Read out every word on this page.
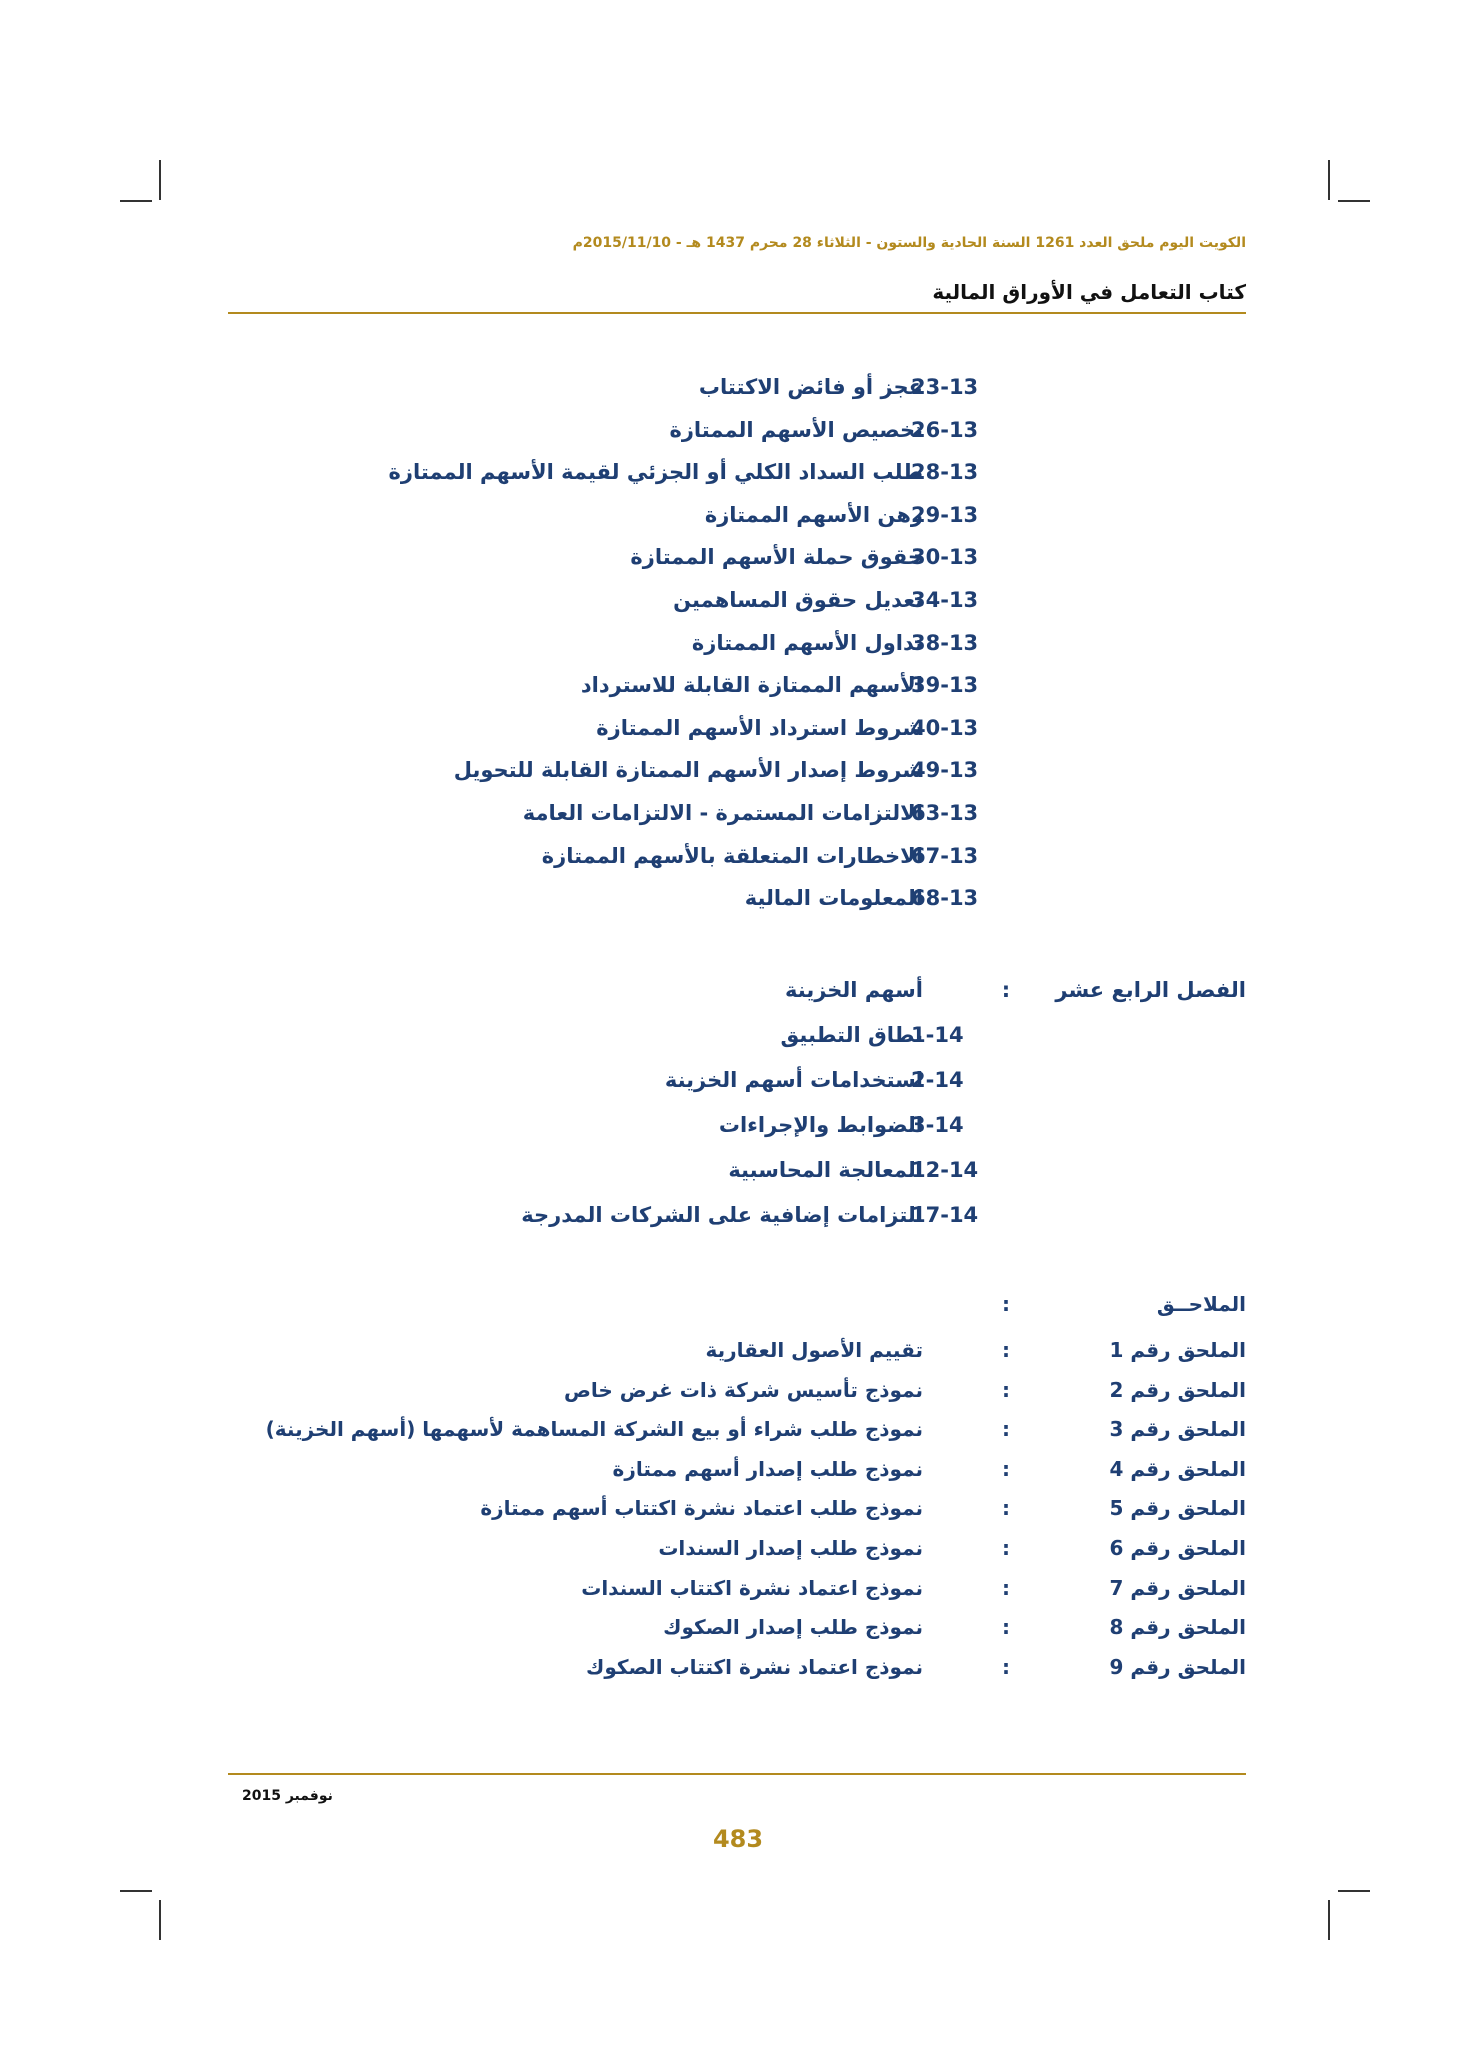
الكويت اليوم ملحق العدد 1261 السنة الحادية والستون - الثلاثاء 28 محرم 1437 هـ - 2015/11/10م
كتاب التعامل في الأوراق المالية
23-13
عجز أو فائض الاكتتاب
26-13
تخصيص الأسهم الممتازة
28-13
طلب السداد الكلي أو الجزئي لقيمة الأسهم الممتازة
29-13
رهن الأسهم الممتازة
30-13
حقوق حملة الأسهم الممتازة
34-13
تعديل حقوق المساهمين
38-13
تداول الأسهم الممتازة
39-13
الأسهم الممتازة القابلة للاسترداد
40-13
شروط استرداد الأسهم الممتازة
49-13
شروط إصدار الأسهم الممتازة القابلة للتحويل
63-13
الالتزامات المستمرة - الالتزامات العامة
67-13
الاخطارات المتعلقة بالأسهم الممتازة
68-13
المعلومات المالية
الفصل الرابع عشر
:
أسهم الخزينة
1-14
نطاق التطبيق
2-14
استخدامات أسهم الخزينة
3-14
الضوابط والإجراءات
12-14
المعالجة المحاسبية
17-14
التزامات إضافية على الشركات المدرجة
الملاحــق
:
الملحق رقم 1
:
تقييم الأصول العقارية
الملحق رقم 2
:
نموذج تأسيس شركة ذات غرض خاص
الملحق رقم 3
:
نموذج طلب شراء أو بيع الشركة المساهمة لأسهمها (أسهم الخزينة)
الملحق رقم 4
:
نموذج طلب إصدار أسهم ممتازة
الملحق رقم 5
:
نموذج طلب اعتماد نشرة اكتتاب أسهم ممتازة
الملحق رقم 6
:
نموذج طلب إصدار السندات
الملحق رقم 7
:
نموذج اعتماد نشرة اكتتاب السندات
الملحق رقم 8
:
نموذج طلب إصدار الصكوك
الملحق رقم 9
:
نموذج اعتماد نشرة اكتتاب الصكوك
نوفمبر 2015
483
